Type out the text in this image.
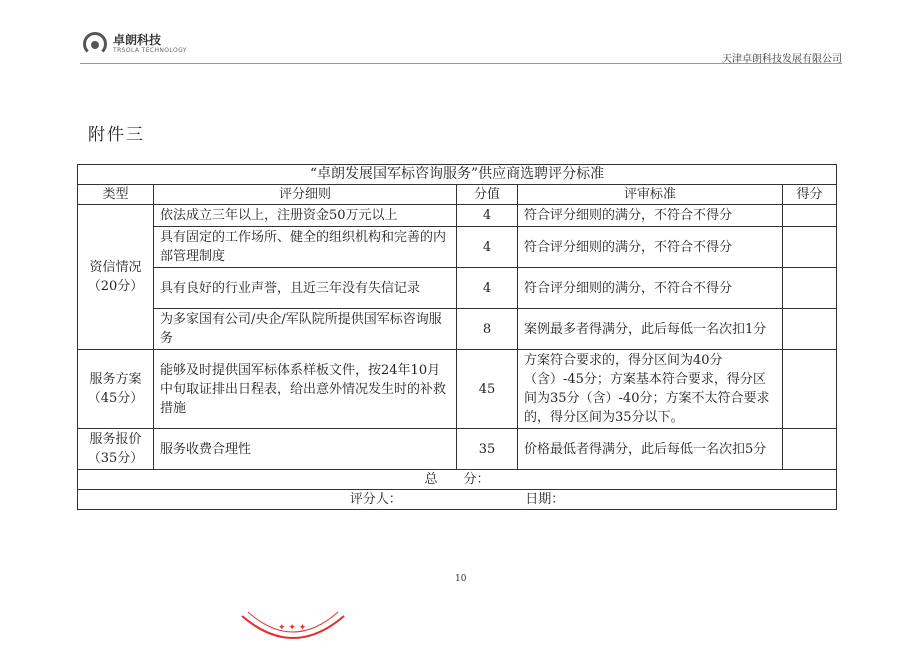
卓朗科技
TRSOLA TECHNOLOGY
天津卓朗科技发展有限公司
附件三
“卓朗发展国军标咨询服务”供应商选聘评分标准				
类型	评分细则	分值	评审标准	得分
资信情况
（20分）	依法成立三年以上，注册资金50万元以上	4	符合评分细则的满分，不符合不得分	
	具有固定的工作场所、健全的组织机构和完善的内部管理制度	4	符合评分细则的满分，不符合不得分	
	具有良好的行业声誉，且近三年没有失信记录	4	符合评分细则的满分，不符合不得分	
	为多家国有公司/央企/军队院所提供国军标咨询服务	8	案例最多者得满分，此后每低一名次扣1分	
服务方案
（45分）	能够及时提供国军标体系样板文件，按24年10月中旬取证排出日程表，给出意外情况发生时的补救措施	45	方案符合要求的，得分区间为40分（含）-45分；方案基本符合要求，得分区间为35分（含）-40分；方案不太符合要求的，得分区间为35分以下。	
服务报价
（35分）	服务收费合理性	35	价格最低者得满分，此后每低一名次扣5分	
总　　分：				
评分人：　　　　　　　　　　日期：				
10
✦ ✦ ✦
